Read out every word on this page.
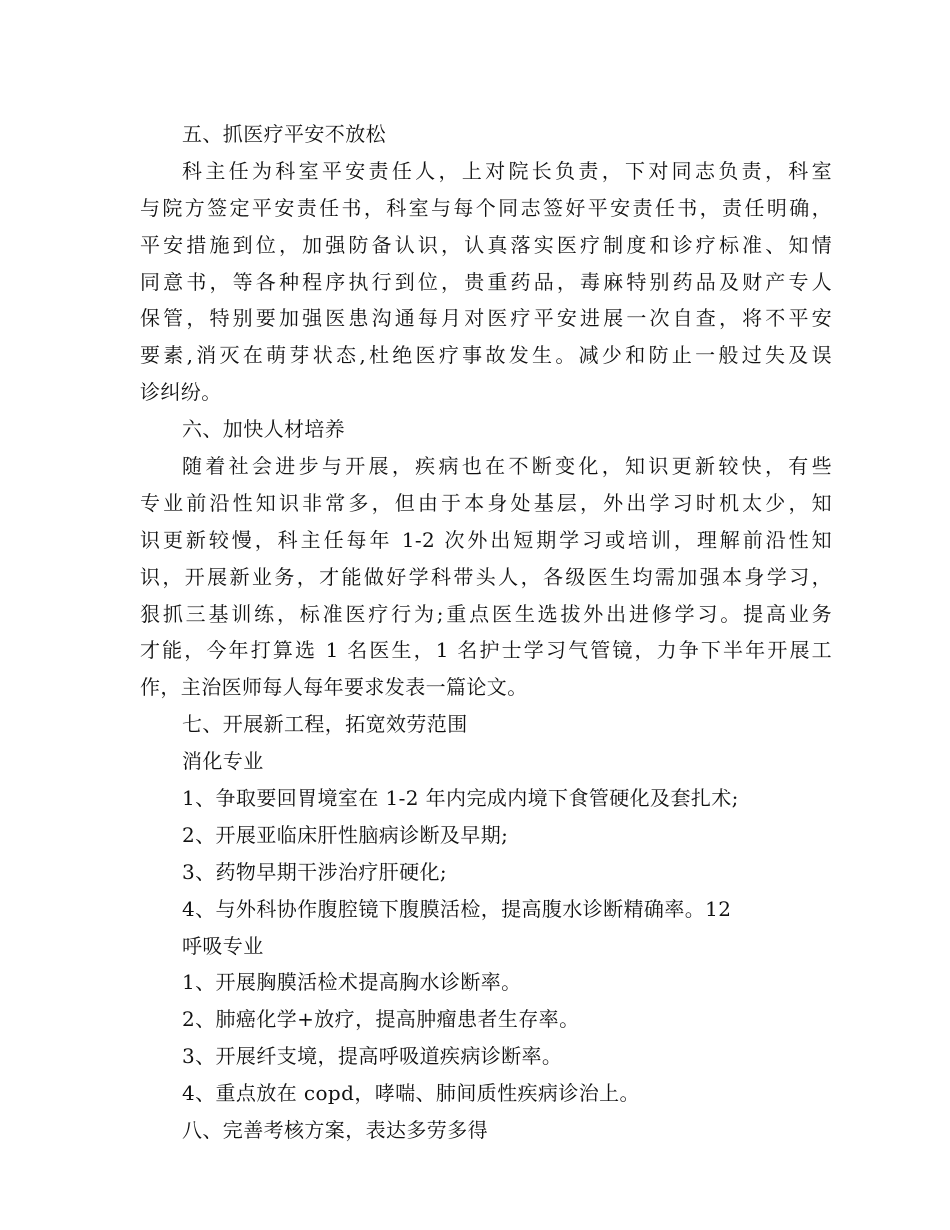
五、抓医疗平安不放松
科主任为科室平安责任人，上对院长负责，下对同志负责，科室
与院方签定平安责任书，科室与每个同志签好平安责任书，责任明确，
平安措施到位，加强防备认识，认真落实医疗制度和诊疗标准、知情
同意书，等各种程序执行到位，贵重药品，毒麻特别药品及财产专人
保管，特别要加强医患沟通每月对医疗平安进展一次自查，将不平安
要素,消灭在萌芽状态,杜绝医疗事故发生。减少和防止一般过失及误
诊纠纷。
六、加快人材培养
随着社会进步与开展，疾病也在不断变化，知识更新较快，有些
专业前沿性知识非常多，但由于本身处基层，外出学习时机太少，知
识更新较慢，科主任每年 1-2 次外出短期学习或培训，理解前沿性知
识，开展新业务，才能做好学科带头人，各级医生均需加强本身学习，
狠抓三基训练，标准医疗行为;重点医生选拔外出进修学习。提高业务
才能，今年打算选 1 名医生，1 名护士学习气管镜，力争下半年开展工
作，主治医师每人每年要求发表一篇论文。
七、开展新工程，拓宽效劳范围
消化专业
1、争取要回胃境室在 1-2 年内完成内境下食管硬化及套扎术;
2、开展亚临床肝性脑病诊断及早期;
3、药物早期干涉治疗肝硬化;
4、与外科协作腹腔镜下腹膜活检，提高腹水诊断精确率。12
呼吸专业
1、开展胸膜活检术提高胸水诊断率。
2、肺癌化学+放疗，提高肿瘤患者生存率。
3、开展纤支境，提高呼吸道疾病诊断率。
4、重点放在 copd，哮喘、肺间质性疾病诊治上。
八、完善考核方案，表达多劳多得
